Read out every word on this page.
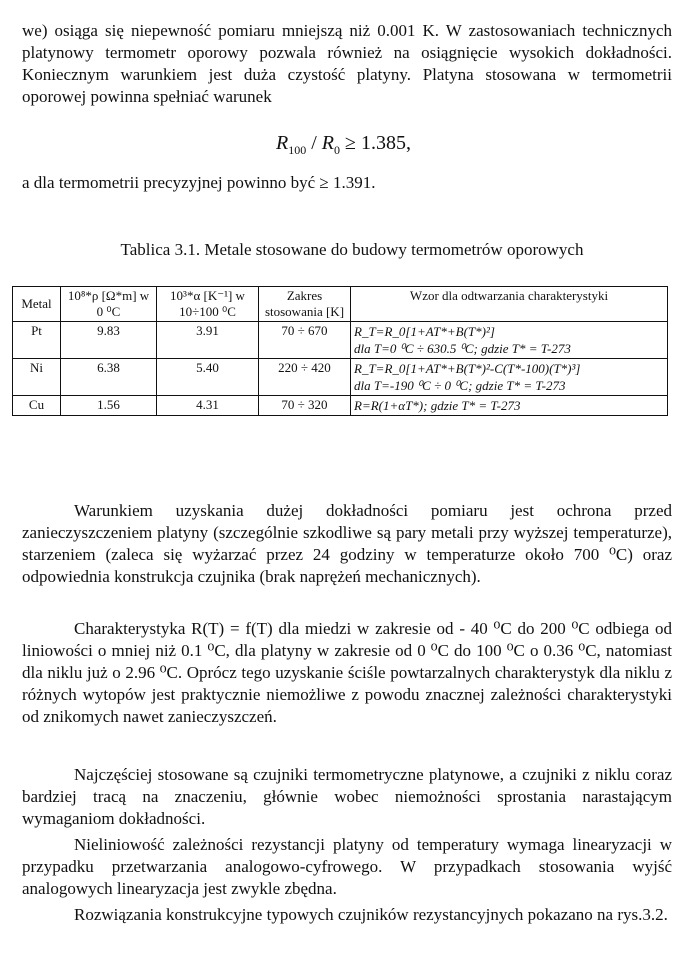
we) osiąga się niepewność pomiaru mniejszą niż 0.001 K. W zastosowaniach technicznych platynowy termometr oporowy pozwala również na osiągnięcie wysokich dokładności. Koniecznym warunkiem jest duża czystość platyny. Platyna stosowana w termometrii oporowej powinna spełniać warunek

$R_{100} / R_0 \ge 1.385$,

a dla termometrii precyzyjnej powinno być ≥ 1.391.

Tablica 3.1. Metale stosowane do budowy termometrów oporowych
Metal	10⁸*ρ [Ω*m] w 0 ⁰C	10³*α [K⁻¹] w 10÷100 ⁰C	Zakres stosowania [K]	Wzor dla odtwarzania charakterystyki
Pt	9.83	3.91	70 ÷ 670	R_T=R_0[1+AT*+B(T*)²]
dla T=0 ⁰C ÷ 630.5 ⁰C; gdzie T* = T-273

Ni	6.38	5.40	220 ÷ 420	R_T=R_0[1+AT*+B(T*)²-C(T*-100)(T*)³]
dla T=-190 ⁰C ÷ 0 ⁰C; gdzie T* = T-273

Cu	1.56	4.31	70 ÷ 320	R=R(1+αT*); gdzie T* = T-273

Warunkiem uzyskania dużej dokładności pomiaru jest ochrona przed zanieczyszczeniem platyny (szczególnie szkodliwe są pary metali przy wyższej temperaturze), starzeniem (zaleca się wyżarzać przez 24 godziny w temperaturze około 700 ⁰C) oraz odpowiednia konstrukcja czujnika (brak naprężeń mechanicznych).

Charakterystyka R(T) = f(T) dla miedzi w zakresie od - 40 ⁰C do 200 ⁰C odbiega od liniowości o mniej niż 0.1 ⁰C, dla platyny w zakresie od 0 ⁰C do 100 ⁰C o 0.36 ⁰C, natomiast dla niklu już o 2.96 ⁰C. Oprócz tego uzyskanie ściśle powtarzalnych charakterystyk dla niklu z różnych wytopów jest praktycznie niemożliwe z powodu znacznej zależności charakterystyki od znikomych nawet zanieczyszczeń.

Najczęściej stosowane są czujniki termometryczne platynowe, a czujniki z niklu coraz bardziej tracą na znaczeniu, głównie wobec niemożności sprostania narastającym wymaganiom dokładności.

Nieliniowość zależności rezystancji platyny od temperatury wymaga linearyzacji w przypadku przetwarzania analogowo-cyfrowego. W przypadkach stosowania wyjść analogowych linearyzacja jest zwykle zbędna.

Rozwiązania konstrukcyjne typowych czujników rezystancyjnych pokazano na rys.3.2.
